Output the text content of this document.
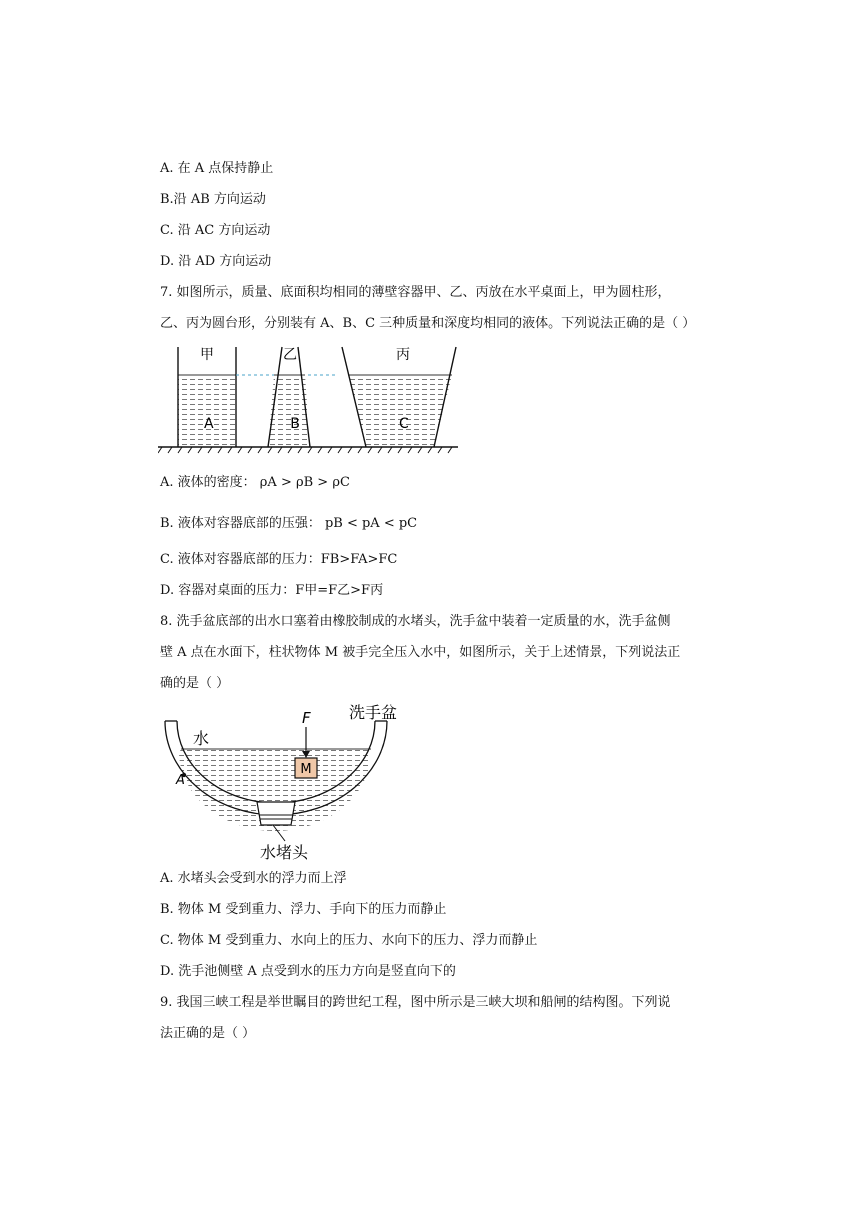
A. 在 A 点保持静止
B.沿 AB 方向运动
C. 沿 AC 方向运动
D. 沿 AD 方向运动
7. 如图所示，质量、底面积均相同的薄壁容器甲、乙、丙放在水平桌面上，甲为圆柱形，
乙、丙为圆台形，分别装有 A、B、C 三种质量和深度均相同的液体。下列说法正确的是（ ）
甲	乙	丙
A	B	C
A. 液体的密度： ρA > ρB > ρC
B. 液体对容器底部的压强： pB < pA < pC
C. 液体对容器底部的压力：FB>FA>FC
D. 容器对桌面的压力：F甲=F乙>F丙
8. 洗手盆底部的出水口塞着由橡胶制成的水堵头，洗手盆中装着一定质量的水，洗手盆侧
壁 A 点在水面下，柱状物体 M 被手完全压入水中，如图所示，关于上述情景，下列说法正
确的是（ ）
M
F 洗手盆
水
A
水堵头
A. 水堵头会受到水的浮力而上浮
B. 物体 M 受到重力、浮力、手向下的压力而静止
C. 物体 M 受到重力、水向上的压力、水向下的压力、浮力而静止
D. 洗手池侧壁 A 点受到水的压力方向是竖直向下的
9. 我国三峡工程是举世瞩目的跨世纪工程，图中所示是三峡大坝和船闸的结构图。下列说
法正确的是（ ）
